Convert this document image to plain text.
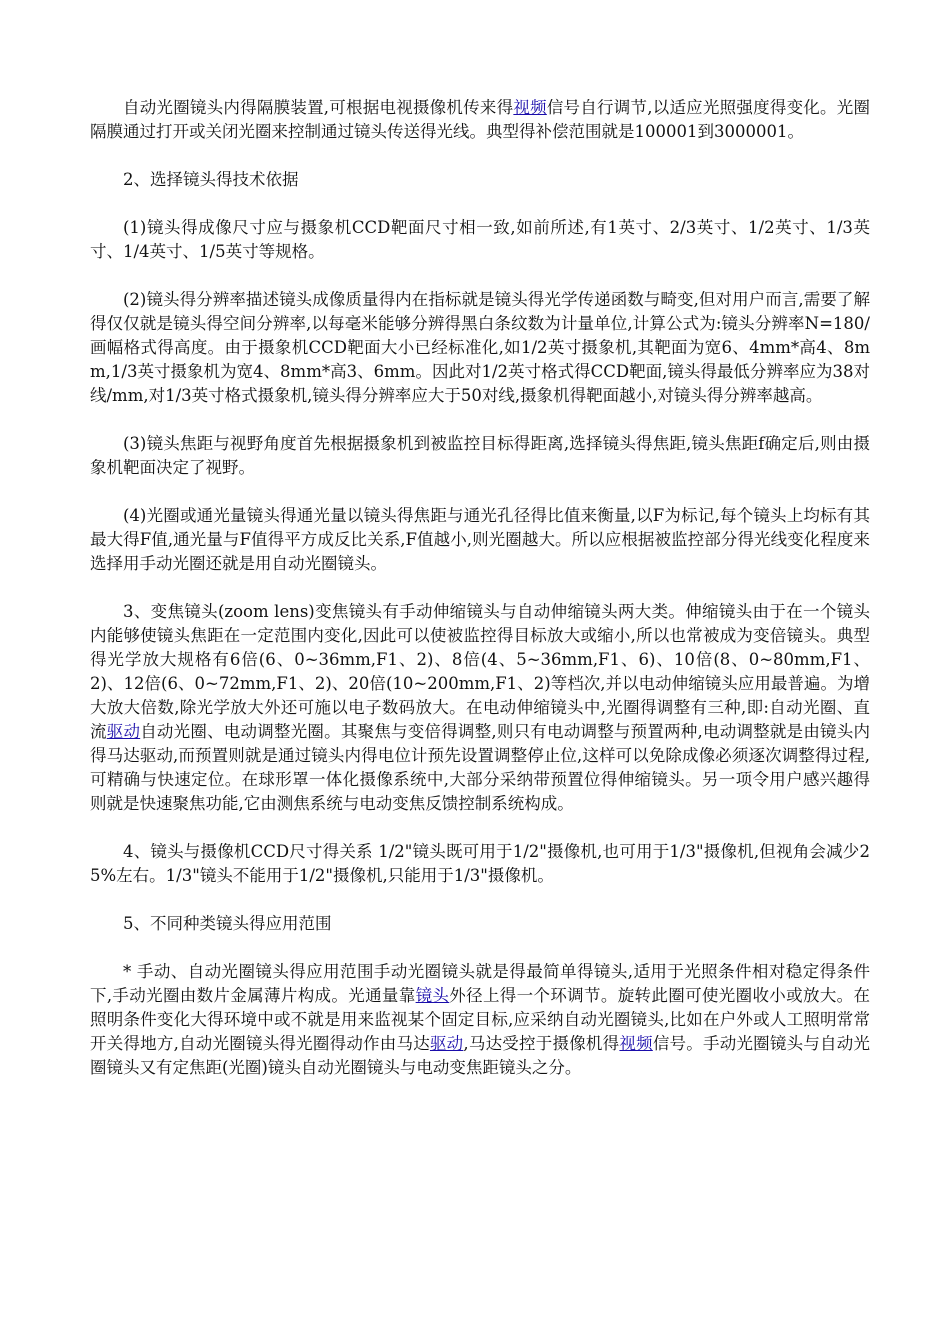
自动光圈镜头内得隔膜装置,可根据电视摄像机传来得视频信号自行调节,以适应光照强度得变化。光圈隔膜通过打开或关闭光圈来控制通过镜头传送得光线。典型得补偿范围就是100001到3000001。

2、选择镜头得技术依据

(1)镜头得成像尺寸应与摄象机CCD靶面尺寸相一致,如前所述,有1英寸、2/3英寸、1/2英寸、1/3英寸、1/4英寸、1/5英寸等规格。

(2)镜头得分辨率描述镜头成像质量得内在指标就是镜头得光学传递函数与畸变,但对用户而言,需要了解得仅仅就是镜头得空间分辨率,以每毫米能够分辨得黑白条纹数为计量单位,计算公式为:镜头分辨率N=180/画幅格式得高度。由于摄象机CCD靶面大小已经标准化,如1/2英寸摄象机,其靶面为宽6、4mm*高4、8mm,1/3英寸摄象机为宽4、8mm*高3、6mm。因此对1/2英寸格式得CCD靶面,镜头得最低分辨率应为38对线/mm,对1/3英寸格式摄象机,镜头得分辨率应大于50对线,摄象机得靶面越小,对镜头得分辨率越高。

(3)镜头焦距与视野角度首先根据摄象机到被监控目标得距离,选择镜头得焦距,镜头焦距f确定后,则由摄象机靶面决定了视野。

(4)光圈或通光量镜头得通光量以镜头得焦距与通光孔径得比值来衡量,以F为标记,每个镜头上均标有其最大得F值,通光量与F值得平方成反比关系,F值越小,则光圈越大。所以应根据被监控部分得光线变化程度来选择用手动光圈还就是用自动光圈镜头。

3、变焦镜头(zoom lens)变焦镜头有手动伸缩镜头与自动伸缩镜头两大类。伸缩镜头由于在一个镜头内能够使镜头焦距在一定范围内变化,因此可以使被监控得目标放大或缩小,所以也常被成为变倍镜头。典型得光学放大规格有6倍(6、0~36mm,F1、2)、8倍(4、5~36mm,F1、6)、10倍(8、0~80mm,F1、2)、12倍(6、0~72mm,F1、2)、20倍(10~200mm,F1、2)等档次,并以电动伸缩镜头应用最普遍。为增大放大倍数,除光学放大外还可施以电子数码放大。在电动伸缩镜头中,光圈得调整有三种,即:自动光圈、直流驱动自动光圈、电动调整光圈。其聚焦与变倍得调整,则只有电动调整与预置两种,电动调整就是由镜头内得马达驱动,而预置则就是通过镜头内得电位计预先设置调整停止位,这样可以免除成像必须逐次调整得过程,可精确与快速定位。在球形罩一体化摄像系统中,大部分采纳带预置位得伸缩镜头。另一项令用户感兴趣得则就是快速聚焦功能,它由测焦系统与电动变焦反馈控制系统构成。

4、镜头与摄像机CCD尺寸得关系 1/2"镜头既可用于1/2"摄像机,也可用于1/3"摄像机,但视角会减少25%左右。1/3"镜头不能用于1/2"摄像机,只能用于1/3"摄像机。

5、不同种类镜头得应用范围

* 手动、自动光圈镜头得应用范围手动光圈镜头就是得最简单得镜头,适用于光照条件相对稳定得条件下,手动光圈由数片金属薄片构成。光通量靠镜头外径上得一个环调节。旋转此圈可使光圈收小或放大。在照明条件变化大得环境中或不就是用来监视某个固定目标,应采纳自动光圈镜头,比如在户外或人工照明常常开关得地方,自动光圈镜头得光圈得动作由马达驱动,马达受控于摄像机得视频信号。手动光圈镜头与自动光圈镜头又有定焦距(光圈)镜头自动光圈镜头与电动变焦距镜头之分。
